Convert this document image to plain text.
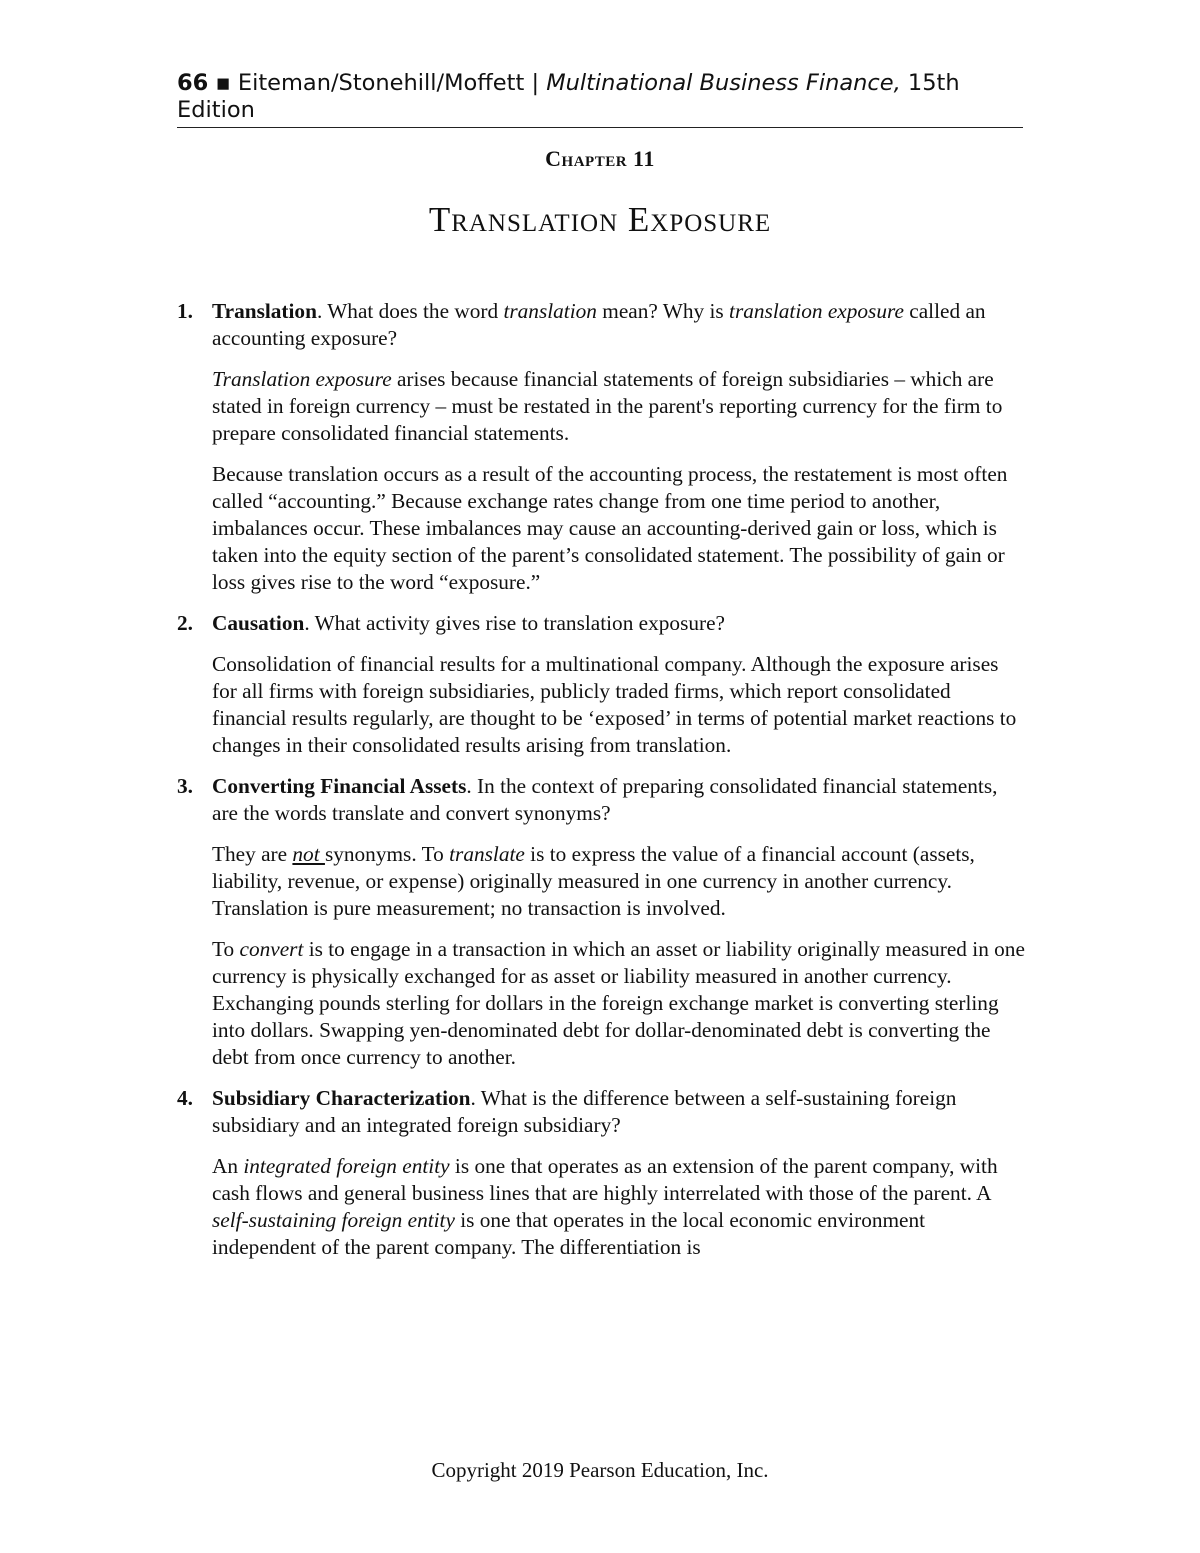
66 ▪ Eiteman/Stonehill/Moffett | Multinational Business Finance, 15th Edition
Chapter 11
Translation Exposure
1. Translation. What does the word translation mean? Why is translation exposure called an accounting exposure?
Translation exposure arises because financial statements of foreign subsidiaries – which are stated in foreign currency – must be restated in the parent's reporting currency for the firm to prepare consolidated financial statements.
Because translation occurs as a result of the accounting process, the restatement is most often called “accounting.” Because exchange rates change from one time period to another, imbalances occur. These imbalances may cause an accounting-derived gain or loss, which is taken into the equity section of the parent’s consolidated statement. The possibility of gain or loss gives rise to the word “exposure.”
2. Causation. What activity gives rise to translation exposure?
Consolidation of financial results for a multinational company. Although the exposure arises for all firms with foreign subsidiaries, publicly traded firms, which report consolidated financial results regularly, are thought to be ‘exposed’ in terms of potential market reactions to changes in their consolidated results arising from translation.
3. Converting Financial Assets. In the context of preparing consolidated financial statements, are the words translate and convert synonyms?
They are not synonyms. To translate is to express the value of a financial account (assets, liability, revenue, or expense) originally measured in one currency in another currency. Translation is pure measurement; no transaction is involved.
To convert is to engage in a transaction in which an asset or liability originally measured in one currency is physically exchanged for as asset or liability measured in another currency. Exchanging pounds sterling for dollars in the foreign exchange market is converting sterling into dollars. Swapping yen-denominated debt for dollar-denominated debt is converting the debt from once currency to another.
4. Subsidiary Characterization. What is the difference between a self-sustaining foreign subsidiary and an integrated foreign subsidiary?
An integrated foreign entity is one that operates as an extension of the parent company, with cash flows and general business lines that are highly interrelated with those of the parent. A self-sustaining foreign entity is one that operates in the local economic environment independent of the parent company. The differentiation is
Copyright 2019 Pearson Education, Inc.
